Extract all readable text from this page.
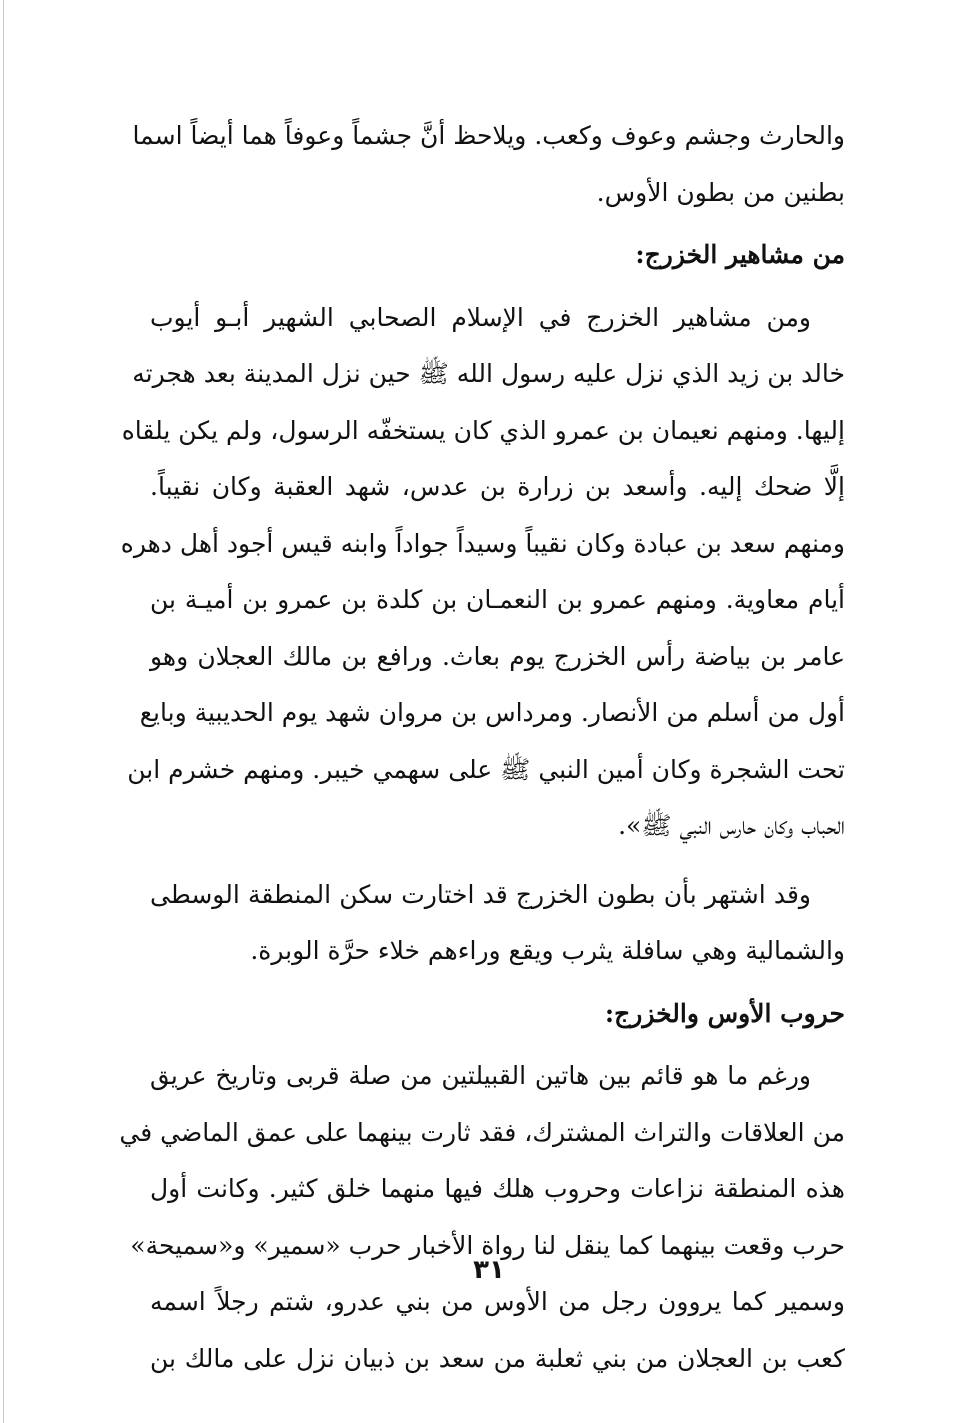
والحارث وجشم وعوف وكعب. ويلاحظ أنَّ جشماً وعوفاً هما أيضاً اسما
بطنين من بطون الأوس.
من مشاهير الخزرج:
ومن مشاهير الخزرج في الإسلام الصحابي الشهير أبـو أيوب
خالد بن زيد الذي نزل عليه رسول الله ﷺ حين نزل المدينة بعد هجرته
إليها. ومنهم نعيمان بن عمرو الذي كان يستخفّه الرسول، ولم يكن يلقاه
إلَّا ضحك إليه. وأسعد بن زرارة بن عدس، شهد العقبة وكان نقيباً.
ومنهم سعد بن عبادة وكان نقيباً وسيداً جواداً وابنه قيس أجود أهل دهره
أيام معاوية. ومنهم عمرو بن النعمـان بن كلدة بن عمرو بن أميـة بن
عامر بن بياضة رأس الخزرج يوم بعاث. ورافع بن مالك العجلان وهو
أول من أسلم من الأنصار. ومرداس بن مروان شهد يوم الحديبية وبايع
تحت الشجرة وكان أمين النبي ﷺ على سهمي خيبر. ومنهم خشرم ابن
الحباب وكان حارس النبي ﷺ».
وقد اشتهر بأن بطون الخزرج قد اختارت سكن المنطقة الوسطى
والشمالية وهي سافلة يثرب ويقع وراءهم خلاء حرَّة الوبرة.
حروب الأوس والخزرج:
ورغم ما هو قائم بين هاتين القبيلتين من صلة قربى وتاريخ عريق
من العلاقات والتراث المشترك، فقد ثارت بينهما على عمق الماضي في
هذه المنطقة نزاعات وحروب هلك فيها منهما خلق كثير. وكانت أول
حرب وقعت بينهما كما ينقل لنا رواة الأخبار حرب «سمير» و«سميحة»
وسمير كما يروون رجل من الأوس من بني عدرو، شتم رجلاً اسمه
كعب بن العجلان من بني ثعلبة من سعد بن ذبيان نزل على مالك بن
٣١
